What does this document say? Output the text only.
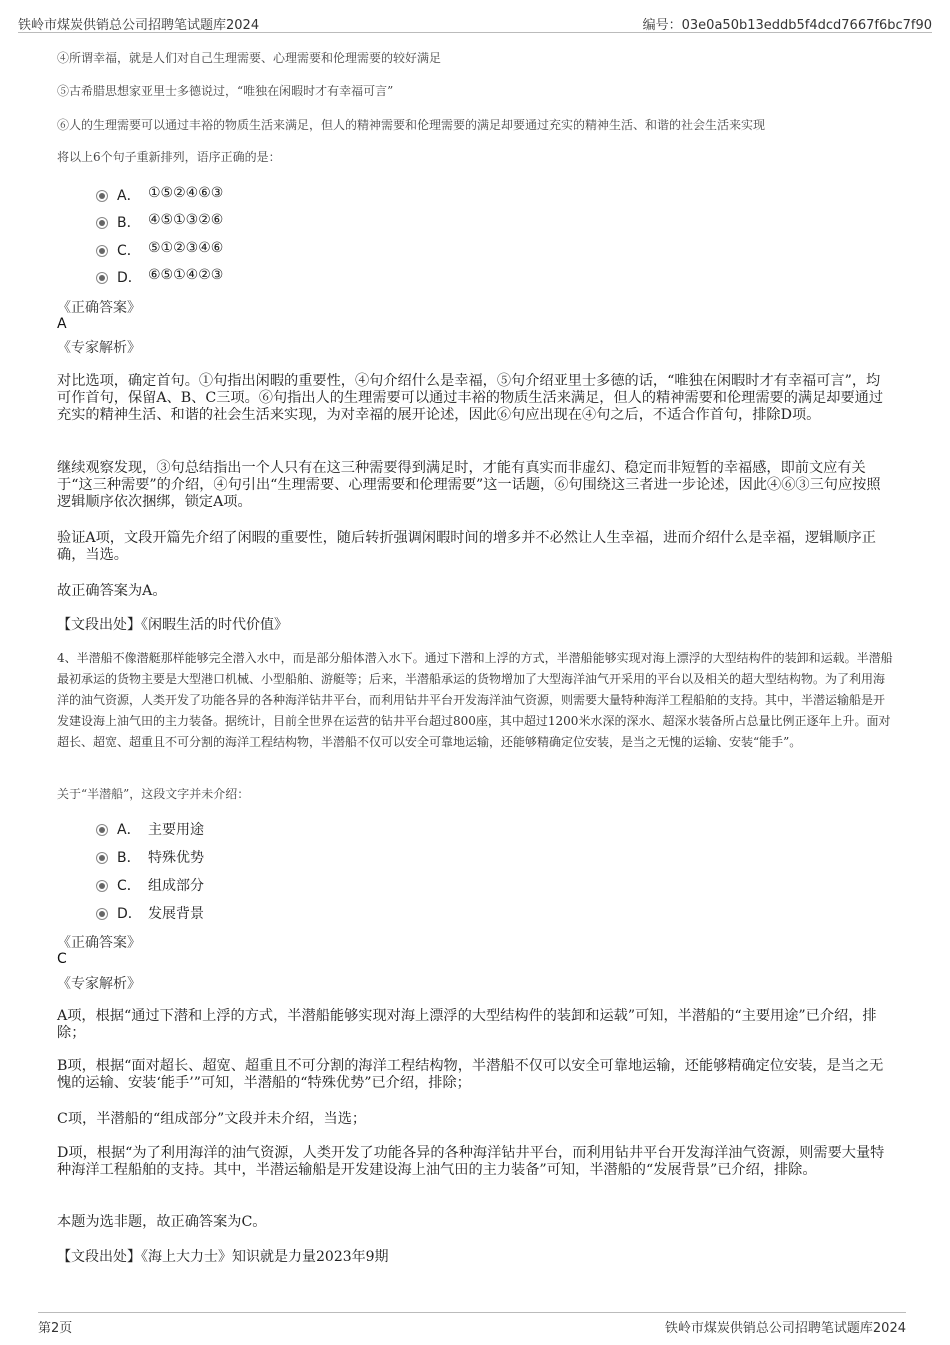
铁岭市煤炭供销总公司招聘笔试题库2024	编号：03e0a50b13eddb5f4dcd7667f6bc7f90
④所谓幸福，就是人们对自己生理需要、心理需要和伦理需要的较好满足
⑤古希腊思想家亚里士多德说过，“唯独在闲暇时才有幸福可言”
⑥人的生理需要可以通过丰裕的物质生活来满足，但人的精神需要和伦理需要的满足却要通过充实的精神生活、和谐的社会生活来实现
将以上6个句子重新排列，语序正确的是：
A． ①⑤②④⑥③
B． ④⑤①③②⑥
C． ⑤①②③④⑥
D． ⑥⑤①④②③
《正确答案》
A
《专家解析》
对比选项，确定首句。①句指出闲暇的重要性，④句介绍什么是幸福，⑤句介绍亚里士多德的话，“唯独在闲暇时才有幸福可言”，均可作首句，保留A、B、C三项。⑥句指出人的生理需要可以通过丰裕的物质生活来满足，但人的精神需要和伦理需要的满足却要通过充实的精神生活、和谐的社会生活来实现，为对幸福的展开论述，因此⑥句应出现在④句之后，不适合作首句，排除D项。
继续观察发现，③句总结指出一个人只有在这三种需要得到满足时，才能有真实而非虚幻、稳定而非短暂的幸福感，即前文应有关于“这三种需要”的介绍，④句引出“生理需要、心理需要和伦理需要”这一话题，⑥句围绕这三者进一步论述，因此④⑥③三句应按照逻辑顺序依次捆绑，锁定A项。
验证A项，文段开篇先介绍了闲暇的重要性，随后转折强调闲暇时间的增多并不必然让人生幸福，进而介绍什么是幸福，逻辑顺序正确，当选。
故正确答案为A。
【文段出处】《闲暇生活的时代价值》
4、半潜船不像潜艇那样能够完全潜入水中，而是部分船体潜入水下。通过下潜和上浮的方式，半潜船能够实现对海上漂浮的大型结构件的装卸和运载。半潜船最初承运的货物主要是大型港口机械、小型船舶、游艇等；后来，半潜船承运的货物增加了大型海洋油气开采用的平台以及相关的超大型结构物。为了利用海洋的油气资源，人类开发了功能各异的各种海洋钻井平台，而利用钻井平台开发海洋油气资源，则需要大量特种海洋工程船舶的支持。其中，半潜运输船是开发建设海上油气田的主力装备。据统计，目前全世界在运营的钻井平台超过800座，其中超过1200米水深的深水、超深水装备所占总量比例正逐年上升。面对超长、超宽、超重且不可分割的海洋工程结构物，半潜船不仅可以安全可靠地运输，还能够精确定位安装，是当之无愧的运输、安装“能手”。
关于“半潜船”，这段文字并未介绍：
A． 主要用途
B． 特殊优势
C． 组成部分
D． 发展背景
《正确答案》
C
《专家解析》
A项，根据“通过下潜和上浮的方式，半潜船能够实现对海上漂浮的大型结构件的装卸和运载”可知，半潜船的“主要用途”已介绍，排除；
B项，根据“面对超长、超宽、超重且不可分割的海洋工程结构物，半潜船不仅可以安全可靠地运输，还能够精确定位安装，是当之无愧的运输、安装‘能手’”可知，半潜船的“特殊优势”已介绍，排除；
C项，半潜船的“组成部分”文段并未介绍，当选；
D项，根据“为了利用海洋的油气资源，人类开发了功能各异的各种海洋钻井平台，而利用钻井平台开发海洋油气资源，则需要大量特种海洋工程船舶的支持。其中，半潜运输船是开发建设海上油气田的主力装备”可知，半潜船的“发展背景”已介绍，排除。
本题为选非题，故正确答案为C。
【文段出处】《海上大力士》知识就是力量2023年9期
第2页	铁岭市煤炭供销总公司招聘笔试题库2024
